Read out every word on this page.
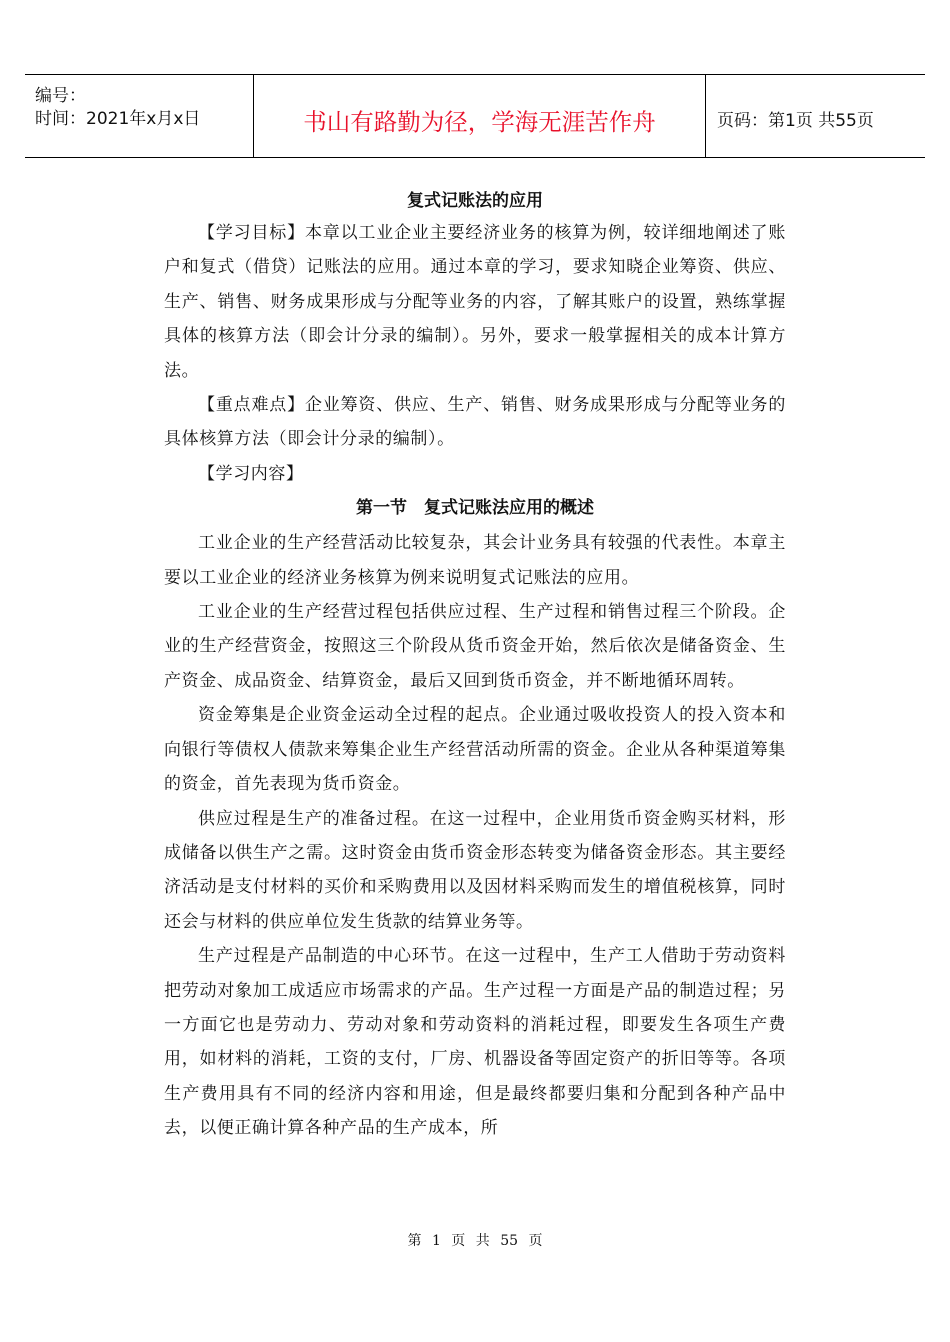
编号：
时间：2021年x月x日	书山有路勤为径，学海无涯苦作舟	页码：第1页 共55页
复式记账法的应用

【学习目标】本章以工业企业主要经济业务的核算为例，较详细地阐述了账户和复式（借贷）记账法的应用。通过本章的学习，要求知晓企业筹资、供应、生产、销售、财务成果形成与分配等业务的内容，了解其账户的设置，熟练掌握具体的核算方法（即会计分录的编制）。另外，要求一般掌握相关的成本计算方法。

【重点难点】企业筹资、供应、生产、销售、财务成果形成与分配等业务的具体核算方法（即会计分录的编制）。

【学习内容】

第一节　复式记账法应用的概述

工业企业的生产经营活动比较复杂，其会计业务具有较强的代表性。本章主要以工业企业的经济业务核算为例来说明复式记账法的应用。

工业企业的生产经营过程包括供应过程、生产过程和销售过程三个阶段。企业的生产经营资金，按照这三个阶段从货币资金开始，然后依次是储备资金、生产资金、成品资金、结算资金，最后又回到货币资金，并不断地循环周转。

资金筹集是企业资金运动全过程的起点。企业通过吸收投资人的投入资本和向银行等债权人债款来筹集企业生产经营活动所需的资金。企业从各种渠道筹集的资金，首先表现为货币资金。

供应过程是生产的准备过程。在这一过程中，企业用货币资金购买材料，形成储备以供生产之需。这时资金由货币资金形态转变为储备资金形态。其主要经济活动是支付材料的买价和采购费用以及因材料采购而发生的增值税核算，同时还会与材料的供应单位发生货款的结算业务等。

生产过程是产品制造的中心环节。在这一过程中，生产工人借助于劳动资料把劳动对象加工成适应市场需求的产品。生产过程一方面是产品的制造过程；另一方面它也是劳动力、劳动对象和劳动资料的消耗过程，即要发生各项生产费用，如材料的消耗，工资的支付，厂房、机器设备等固定资产的折旧等等。各项生产费用具有不同的经济内容和用途，但是最终都要归集和分配到各种产品中去，以便正确计算各种产品的生产成本，所

第 1 页 共 55 页
